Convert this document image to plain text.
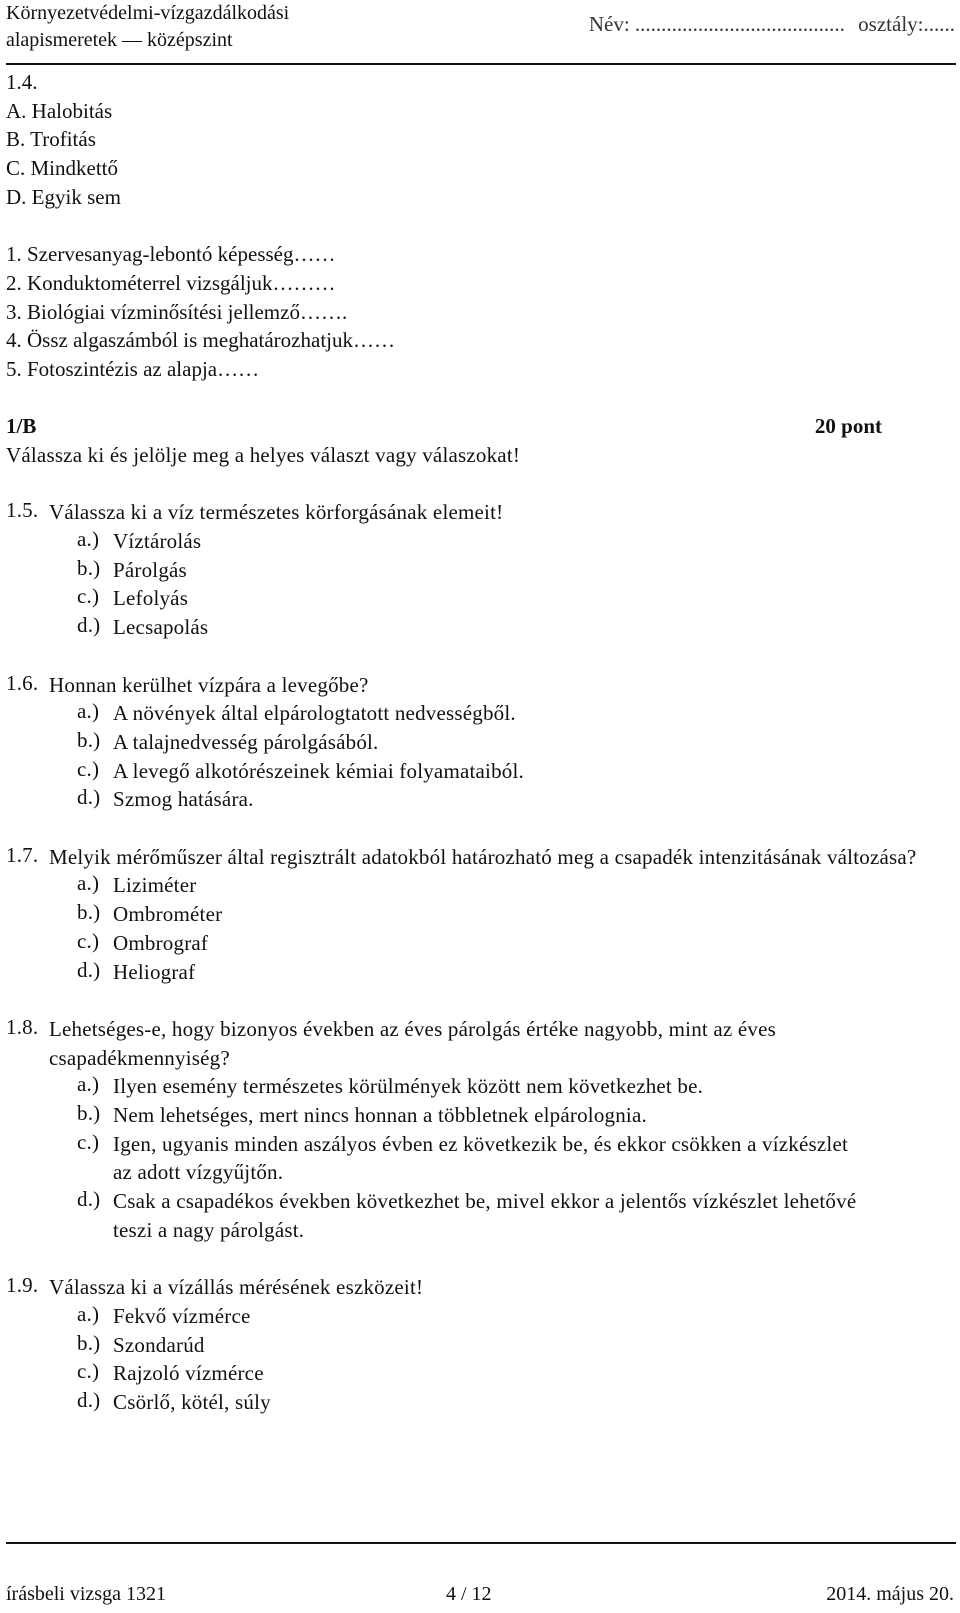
Környezetvédelmi-vízgazdálkodási
alapismeretek — középszint
Név: ........................................ osztály:......
1.4.
A. Halobitás
B. Trofitás
C. Mindkettő
D. Egyik sem
1. Szervesanyag-lebontó képesség……
2. Konduktométerrel vizsgáljuk………
3. Biológiai vízminősítési jellemző…….
4. Össz algaszámból is meghatározhatjuk……
5. Fotoszintézis az alapja……
1/B	20 pont
Válassza ki és jelölje meg a helyes választ vagy válaszokat!
1.5. Válassza ki a víz természetes körforgásának elemeit!
a.) Víztárolás
b.) Párolgás
c.) Lefolyás
d.) Lecsapolás
1.6. Honnan kerülhet vízpára a levegőbe?
a.) A növények által elpárologtatott nedvességből.
b.) A talajnedvesség párolgásából.
c.) A levegő alkotórészeinek kémiai folyamataiból.
d.) Szmog hatására.
1.7. Melyik mérőműszer által regisztrált adatokból határozható meg a csapadék intenzitásának változása?
a.) Liziméter
b.) Ombrométer
c.) Ombrograf
d.) Heliograf
1.8. Lehetséges-e, hogy bizonyos években az éves párolgás értéke nagyobb, mint az éves csapadékmennyiség?
a.) Ilyen esemény természetes körülmények között nem következhet be.
b.) Nem lehetséges, mert nincs honnan a többletnek elpárolognia.
c.) Igen, ugyanis minden aszályos évben ez következik be, és ekkor csökken a vízkészlet az adott vízgyűjtőn.
d.) Csak a csapadékos években következhet be, mivel ekkor a jelentős vízkészlet lehetővé teszi a nagy párolgást.
1.9. Válassza ki a vízállás mérésének eszközeit!
a.) Fekvő vízmérce
b.) Szondarúd
c.) Rajzoló vízmérce
d.) Csörlő, kötél, súly
írásbeli vizsga 1321	4 / 12	2014. május 20.
